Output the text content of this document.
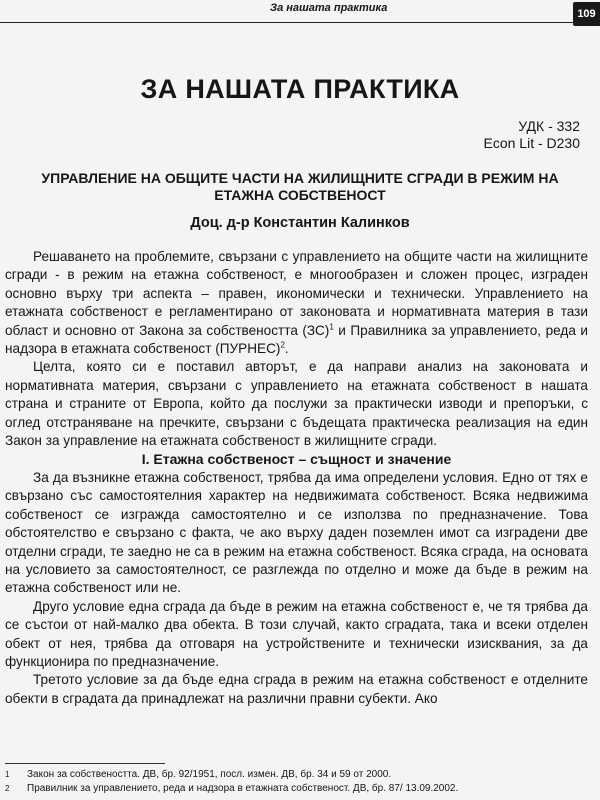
За нашата практика	109
ЗА НАШАТА ПРАКТИКА
УДК - 332
Econ Lit - D230
УПРАВЛЕНИЕ НА ОБЩИТЕ ЧАСТИ НА ЖИЛИЩНИТЕ СГРАДИ В РЕЖИМ НА ЕТАЖНА СОБСТВЕНОСТ
Доц. д-р Константин Калинков

Решаването на проблемите, свързани с управлението на общите части на жилищните сгради - в режим на етажна собственост, е многообразен и сложен процес, изграден основно върху три аспекта – правен, икономически и технически. Управлението на етажната собственост е регламентирано от законовата и нормативната материя в тази област и основно от Закона за собствеността (ЗС)$^1$ и Правилника за управлението, реда и надзора в етажната собственост (ПУРНЕС)$^2$.

Целта, която си е поставил авторът, е да направи анализ на законовата и нормативната материя, свързани с управлението на етажната собственост в нашата страна и страните от Европа, който да послужи за практически изводи и препоръки, с оглед отстраняване на пречките, свързани с бъдещата практическа реализация на един Закон за управление на етажната собственост в жилищните сгради.

I. Етажна собственост – същност и значение

За да възникне етажна собственост, трябва да има определени условия. Едно от тях е свързано със самостоятелния характер на недвижимата собственост. Всяка недвижима собственост се изгражда самостоятелно и се използва по предназначение. Това обстоятелство е свързано с факта, че ако върху даден поземлен имот са изградени две отделни сгради, те заедно не са в режим на етажна собственост. Всяка сграда, на основата на условието за самостоятелност, се разглежда по отделно и може да бъде в режим на етажна собственост или не.

Друго условие една сграда да бъде в режим на етажна собственост е, че тя трябва да се състои от най-малко два обекта. В този случай, както сградата, така и всеки отделен обект от нея, трябва да отговаря на устройствените и технически изисквания, за да функционира по предназначение.

Третото условие за да бъде една сграда в режим на етажна собственост е отделните обекти в сградата да принадлежат на различни правни субекти. Ако

1	Закон за собствеността. ДВ, бр. 92/1951, посл. измен. ДВ, бр. 34 и 59 от 2000.
2	Правилник за управлението, реда и надзора в етажната собственост. ДВ, бр. 87/ 13.09.2002.
